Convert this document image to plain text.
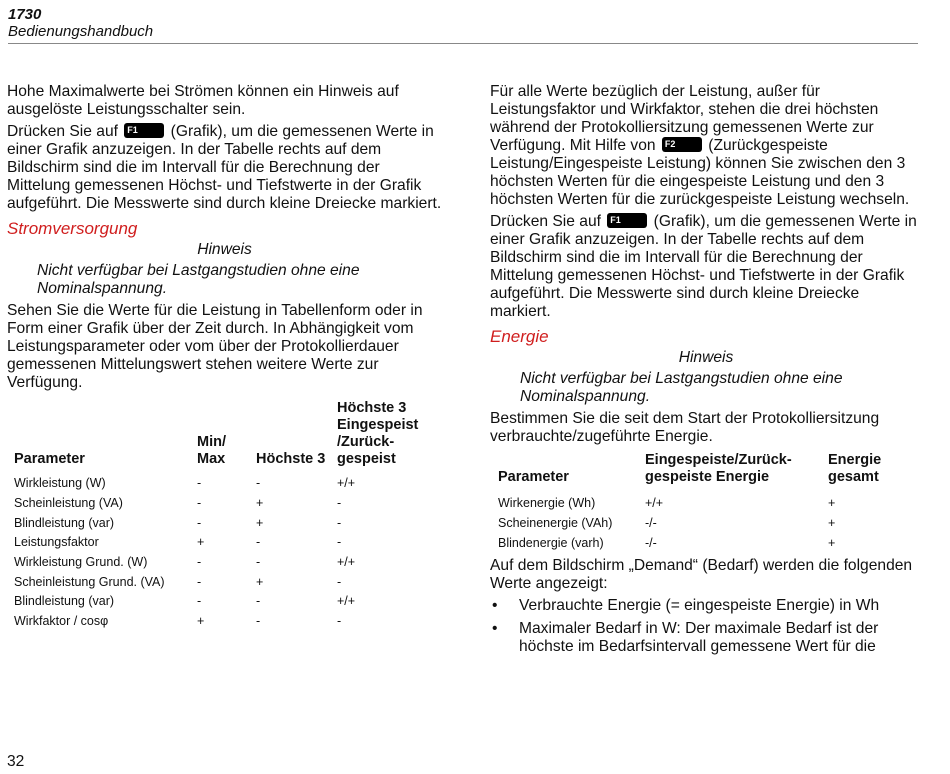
1730
Bedienungshandbuch

Hohe Maximalwerte bei Strömen können ein Hinweis auf ausgelöste Leistungsschalter sein.

Drücken Sie auf F1 (Grafik), um die gemessenen Werte in einer Grafik anzuzeigen. In der Tabelle rechts auf dem Bildschirm sind die im Intervall für die Berechnung der Mittelung gemessenen Höchst- und Tiefstwerte in der Grafik aufgeführt. Die Messwerte sind durch kleine Dreiecke markiert.

Stromversorgung
Hinweis
Nicht verfügbar bei Lastgangstudien ohne eine Nominalspannung.

Sehen Sie die Werte für die Leistung in Tabellenform oder in Form einer Grafik über der Zeit durch. In Abhängigkeit vom Leistungsparameter oder vom über der Protokollierdauer gemessenen Mittelungswert stehen weitere Werte zur Verfügung.

Parameter	Min/ Max	Höchste 3	Höchste 3 Eingespeist /Zurück-gespeist
Wirkleistung (W)	-	-	+/+
Scheinleistung (VA)	-	+	-
Blindleistung (var)	-	+	-
Leistungsfaktor	+	-	-
Wirkleistung Grund. (W)	-	-	+/+
Scheinleistung Grund. (VA)	-	+	-
Blindleistung (var)	-	-	+/+
Wirkfaktor / cosφ	+	-	-

Für alle Werte bezüglich der Leistung, außer für Leistungsfaktor und Wirkfaktor, stehen die drei höchsten während der Protokolliersitzung gemessenen Werte zur Verfügung. Mit Hilfe von F2 (Zurückgespeiste Leistung/Eingespeiste Leistung) können Sie zwischen den 3 höchsten Werten für die eingespeiste Leistung und den 3 höchsten Werten für die zurückgespeiste Leistung wechseln.

Drücken Sie auf F1 (Grafik), um die gemessenen Werte in einer Grafik anzuzeigen. In der Tabelle rechts auf dem Bildschirm sind die im Intervall für die Berechnung der Mittelung gemessenen Höchst- und Tiefstwerte in der Grafik aufgeführt. Die Messwerte sind durch kleine Dreiecke markiert.

Energie
Hinweis
Nicht verfügbar bei Lastgangstudien ohne eine Nominalspannung.

Bestimmen Sie die seit dem Start der Protokolliersitzung verbrauchte/zugeführte Energie.

Parameter	Eingespeiste/Zurück-gespeiste Energie	Energie gesamt
Wirkenergie (Wh)	+/+	+
Scheinenergie (VAh)	-/-	+
Blindenergie (varh)	-/-	+

Auf dem Bildschirm „Demand“ (Bedarf) werden die folgenden Werte angezeigt:

• Verbrauchte Energie (= eingespeiste Energie) in Wh
• Maximaler Bedarf in W: Der maximale Bedarf ist der höchste im Bedarfsintervall gemessene Wert für die
32
